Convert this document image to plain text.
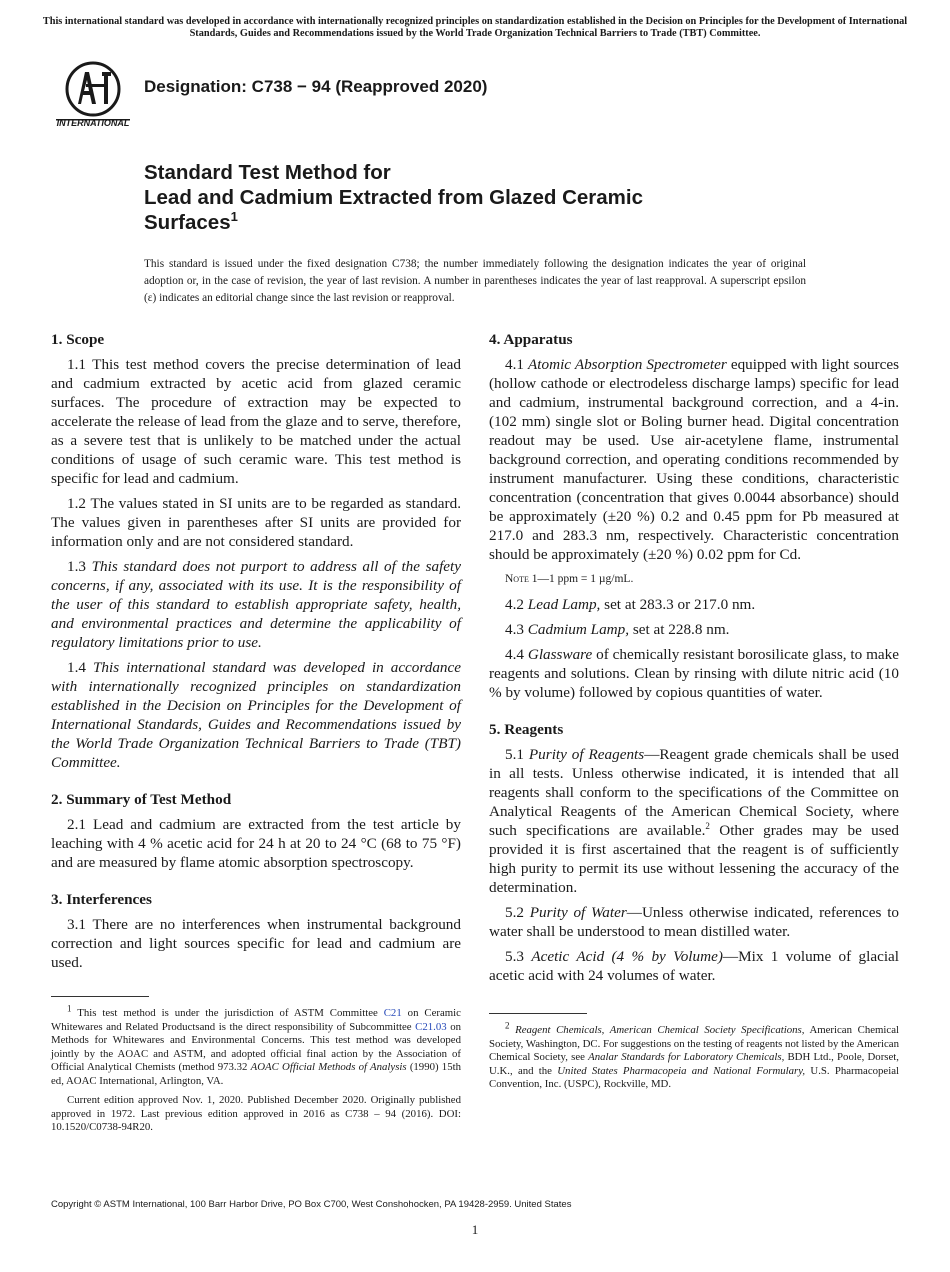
This international standard was developed in accordance with internationally recognized principles on standardization established in the Decision on Principles for the Development of International Standards, Guides and Recommendations issued by the World Trade Organization Technical Barriers to Trade (TBT) Committee.
INTERNATIONAL
Designation: C738 − 94 (Reapproved 2020)
Standard Test Method for
Lead and Cadmium Extracted from Glazed Ceramic
Surfaces$^1$
This standard is issued under the fixed designation C738; the number immediately following the designation indicates the year of original adoption or, in the case of revision, the year of last revision. A number in parentheses indicates the year of last reapproval. A superscript epsilon (ε) indicates an editorial change since the last revision or reapproval.
1. Scope

1.1 This test method covers the precise determination of lead and cadmium extracted by acetic acid from glazed ceramic surfaces. The procedure of extraction may be expected to accelerate the release of lead from the glaze and to serve, therefore, as a severe test that is unlikely to be matched under the actual conditions of usage of such ceramic ware. This test method is specific for lead and cadmium.

1.2 The values stated in SI units are to be regarded as standard. The values given in parentheses after SI units are provided for information only and are not considered standard.

1.3 This standard does not purport to address all of the safety concerns, if any, associated with its use. It is the responsibility of the user of this standard to establish appropriate safety, health, and environmental practices and determine the applicability of regulatory limitations prior to use.

1.4 This international standard was developed in accordance with internationally recognized principles on standardization established in the Decision on Principles for the Development of International Standards, Guides and Recommendations issued by the World Trade Organization Technical Barriers to Trade (TBT) Committee.

2. Summary of Test Method

2.1 Lead and cadmium are extracted from the test article by leaching with 4 % acetic acid for 24 h at 20 to 24 °C (68 to 75 °F) and are measured by flame atomic absorption spectroscopy.

3. Interferences

3.1 There are no interferences when instrumental background correction and light sources specific for lead and cadmium are used.

$^1$ This test method is under the jurisdiction of ASTM Committee C21 on Ceramic Whitewares and Related Productsand is the direct responsibility of Subcommittee C21.03 on Methods for Whitewares and Environmental Concerns. This test method was developed jointly by the AOAC and ASTM, and adopted official final action by the Association of Official Analytical Chemists (method 973.32 AOAC Official Methods of Analysis (1990) 15th ed, AOAC International, Arlington, VA.

Current edition approved Nov. 1, 2020. Published December 2020. Originally published approved in 1972. Last previous edition approved in 2016 as C738 – 94 (2016). DOI: 10.1520/C0738-94R20.

4. Apparatus

4.1 Atomic Absorption Spectrometer equipped with light sources (hollow cathode or electrodeless discharge lamps) specific for lead and cadmium, instrumental background correction, and a 4-in. (102 mm) single slot or Boling burner head. Digital concentration readout may be used. Use air-acetylene flame, instrumental background correction, and operating conditions recommended by instrument manufacturer. Using these conditions, characteristic concentration (concentration that gives 0.0044 absorbance) should be approximately (±20 %) 0.2 and 0.45 ppm for Pb measured at 217.0 and 283.3 nm, respectively. Characteristic concentration should be approximately (±20 %) 0.02 ppm for Cd.

Note 1—1 ppm = 1 µg/mL.

4.2 Lead Lamp, set at 283.3 or 217.0 nm.

4.3 Cadmium Lamp, set at 228.8 nm.

4.4 Glassware of chemically resistant borosilicate glass, to make reagents and solutions. Clean by rinsing with dilute nitric acid (10 % by volume) followed by copious quantities of water.

5. Reagents

5.1 Purity of Reagents—Reagent grade chemicals shall be used in all tests. Unless otherwise indicated, it is intended that all reagents shall conform to the specifications of the Committee on Analytical Reagents of the American Chemical Society, where such specifications are available.$^2$ Other grades may be used provided it is first ascertained that the reagent is of sufficiently high purity to permit its use without lessening the accuracy of the determination.

5.2 Purity of Water—Unless otherwise indicated, references to water shall be understood to mean distilled water.

5.3 Acetic Acid (4 % by Volume)—Mix 1 volume of glacial acetic acid with 24 volumes of water.

$^2$ Reagent Chemicals, American Chemical Society Specifications, American Chemical Society, Washington, DC. For suggestions on the testing of reagents not listed by the American Chemical Society, see Analar Standards for Laboratory Chemicals, BDH Ltd., Poole, Dorset, U.K., and the United States Pharmacopeia and National Formulary, U.S. Pharmacopeial Convention, Inc. (USPC), Rockville, MD.

Copyright © ASTM International, 100 Barr Harbor Drive, PO Box C700, West Conshohocken, PA 19428-2959. United States
1
